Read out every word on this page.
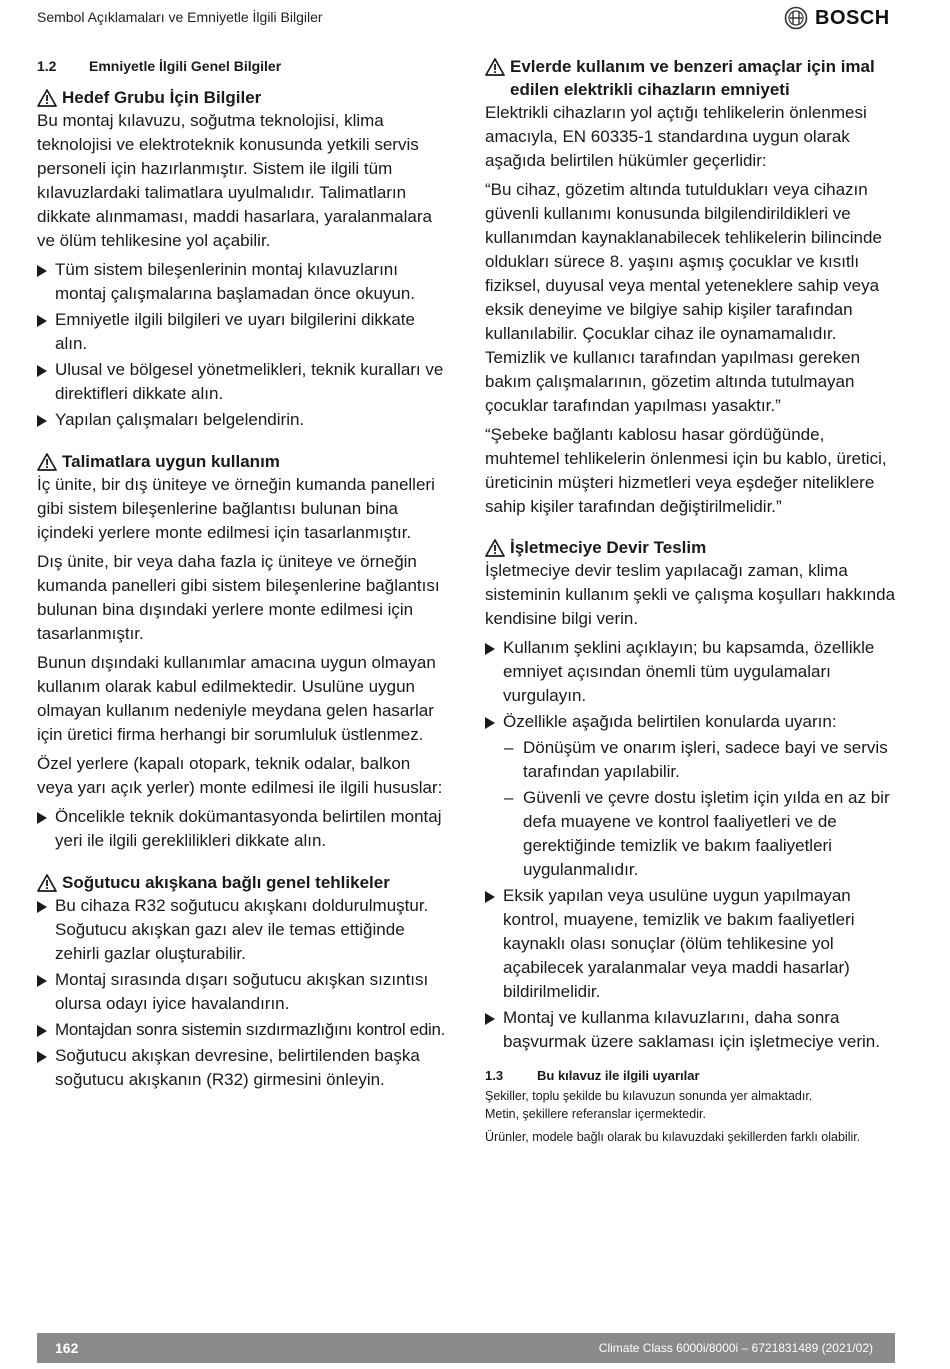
Sembol Açıklamaları ve Emniyetle İlgili Bilgiler	BOSCH
1.2	Emniyetle İlgili Genel Bilgiler
Hedef Grubu İçin Bilgiler

Bu montaj kılavuzu, soğutma teknolojisi, klima teknolojisi ve elektroteknik konusunda yetkili servis personeli için hazırlanmıştır. Sistem ile ilgili tüm kılavuzlardaki talimatlara uyulmalıdır. Talimatların dikkate alınmaması, maddi hasarlara, yaralanmalara ve ölüm tehlikesine yol açabilir.

Tüm sistem bileşenlerinin montaj kılavuzlarını montaj çalışmalarına başlamadan önce okuyun.
Emniyetle ilgili bilgileri ve uyarı bilgilerini dikkate alın.
Ulusal ve bölgesel yönetmelikleri, teknik kuralları ve direktifleri dikkate alın.
Yapılan çalışmaları belgelendirin.
Talimatlara uygun kullanım

İç ünite, bir dış üniteye ve örneğin kumanda panelleri gibi sistem bileşenlerine bağlantısı bulunan bina içindeki yerlere monte edilmesi için tasarlanmıştır.

Dış ünite, bir veya daha fazla iç üniteye ve örneğin kumanda panelleri gibi sistem bileşenlerine bağlantısı bulunan bina dışındaki yerlere monte edilmesi için tasarlanmıştır.

Bunun dışındaki kullanımlar amacına uygun olmayan kullanım olarak kabul edilmektedir. Usulüne uygun olmayan kullanım nedeniyle meydana gelen hasarlar için üretici firma herhangi bir sorumluluk üstlenmez.

Özel yerlere (kapalı otopark, teknik odalar, balkon veya yarı açık yerler) monte edilmesi ile ilgili hususlar:

Öncelikle teknik dokümantasyonda belirtilen montaj yeri ile ilgili gereklilikleri dikkate alın.
Soğutucu akışkana bağlı genel tehlikeler
Bu cihaza R32 soğutucu akışkanı doldurulmuştur. Soğutucu akışkan gazı alev ile temas ettiğinde zehirli gazlar oluşturabilir.
Montaj sırasında dışarı soğutucu akışkan sızıntısı olursa odayı iyice havalandırın.
Montajdan sonra sistemin sızdırmazlığını kontrol edin.
Soğutucu akışkan devresine, belirtilenden başka soğutucu akışkanın (R32) girmesini önleyin.
Evlerde kullanım ve benzeri amaçlar için imal
edilen elektrikli cihazların emniyeti

Elektrikli cihazların yol açtığı tehlikelerin önlenmesi amacıyla, EN 60335-1 standardına uygun olarak aşağıda belirtilen hükümler geçerlidir:

“Bu cihaz, gözetim altında tutuldukları veya cihazın güvenli kullanımı konusunda bilgilendirildikleri ve kullanımdan kaynaklanabilecek tehlikelerin bilincinde oldukları sürece 8. yaşını aşmış çocuklar ve kısıtlı fiziksel, duyusal veya mental yeteneklere sahip veya eksik deneyime ve bilgiye sahip kişiler tarafından kullanılabilir. Çocuklar cihaz ile oynamamalıdır. Temizlik ve kullanıcı tarafından yapılması gereken bakım çalışmalarının, gözetim altında tutulmayan çocuklar tarafından yapılması yasaktır.”

“Şebeke bağlantı kablosu hasar gördüğünde, muhtemel tehlikelerin önlenmesi için bu kablo, üretici, üreticinin müşteri hizmetleri veya eşdeğer niteliklere sahip kişiler tarafından değiştirilmelidir.”

İşletmeciye Devir Teslim

İşletmeciye devir teslim yapılacağı zaman, klima sisteminin kullanım şekli ve çalışma koşulları hakkında kendisine bilgi verin.

Kullanım şeklini açıklayın; bu kapsamda, özellikle emniyet açısından önemli tüm uygulamaları vurgulayın.
Özellikle aşağıda belirtilen konularda uyarın:
– Dönüşüm ve onarım işleri, sadece bayi ve servis tarafından yapılabilir.
– Güvenli ve çevre dostu işletim için yılda en az bir defa muayene ve kontrol faaliyetleri ve de gerektiğinde temizlik ve bakım faaliyetleri uygulanmalıdır.
Eksik yapılan veya usulüne uygun yapılmayan kontrol, muayene, temizlik ve bakım faaliyetleri kaynaklı olası sonuçlar (ölüm tehlikesine yol açabilecek yaralanmalar veya maddi hasarlar) bildirilmelidir.
Montaj ve kullanma kılavuzlarını, daha sonra başvurmak üzere saklaması için işletmeciye verin.
1.3	Bu kılavuz ile ilgili uyarılar

Şekiller, toplu şekilde bu kılavuzun sonunda yer almaktadır.

Metin, şekillere referanslar içermektedir.

Ürünler, modele bağlı olarak bu kılavuzdaki şekillerden farklı olabilir.

162	Climate Class 6000i/8000i – 6721831489 (2021/02)
